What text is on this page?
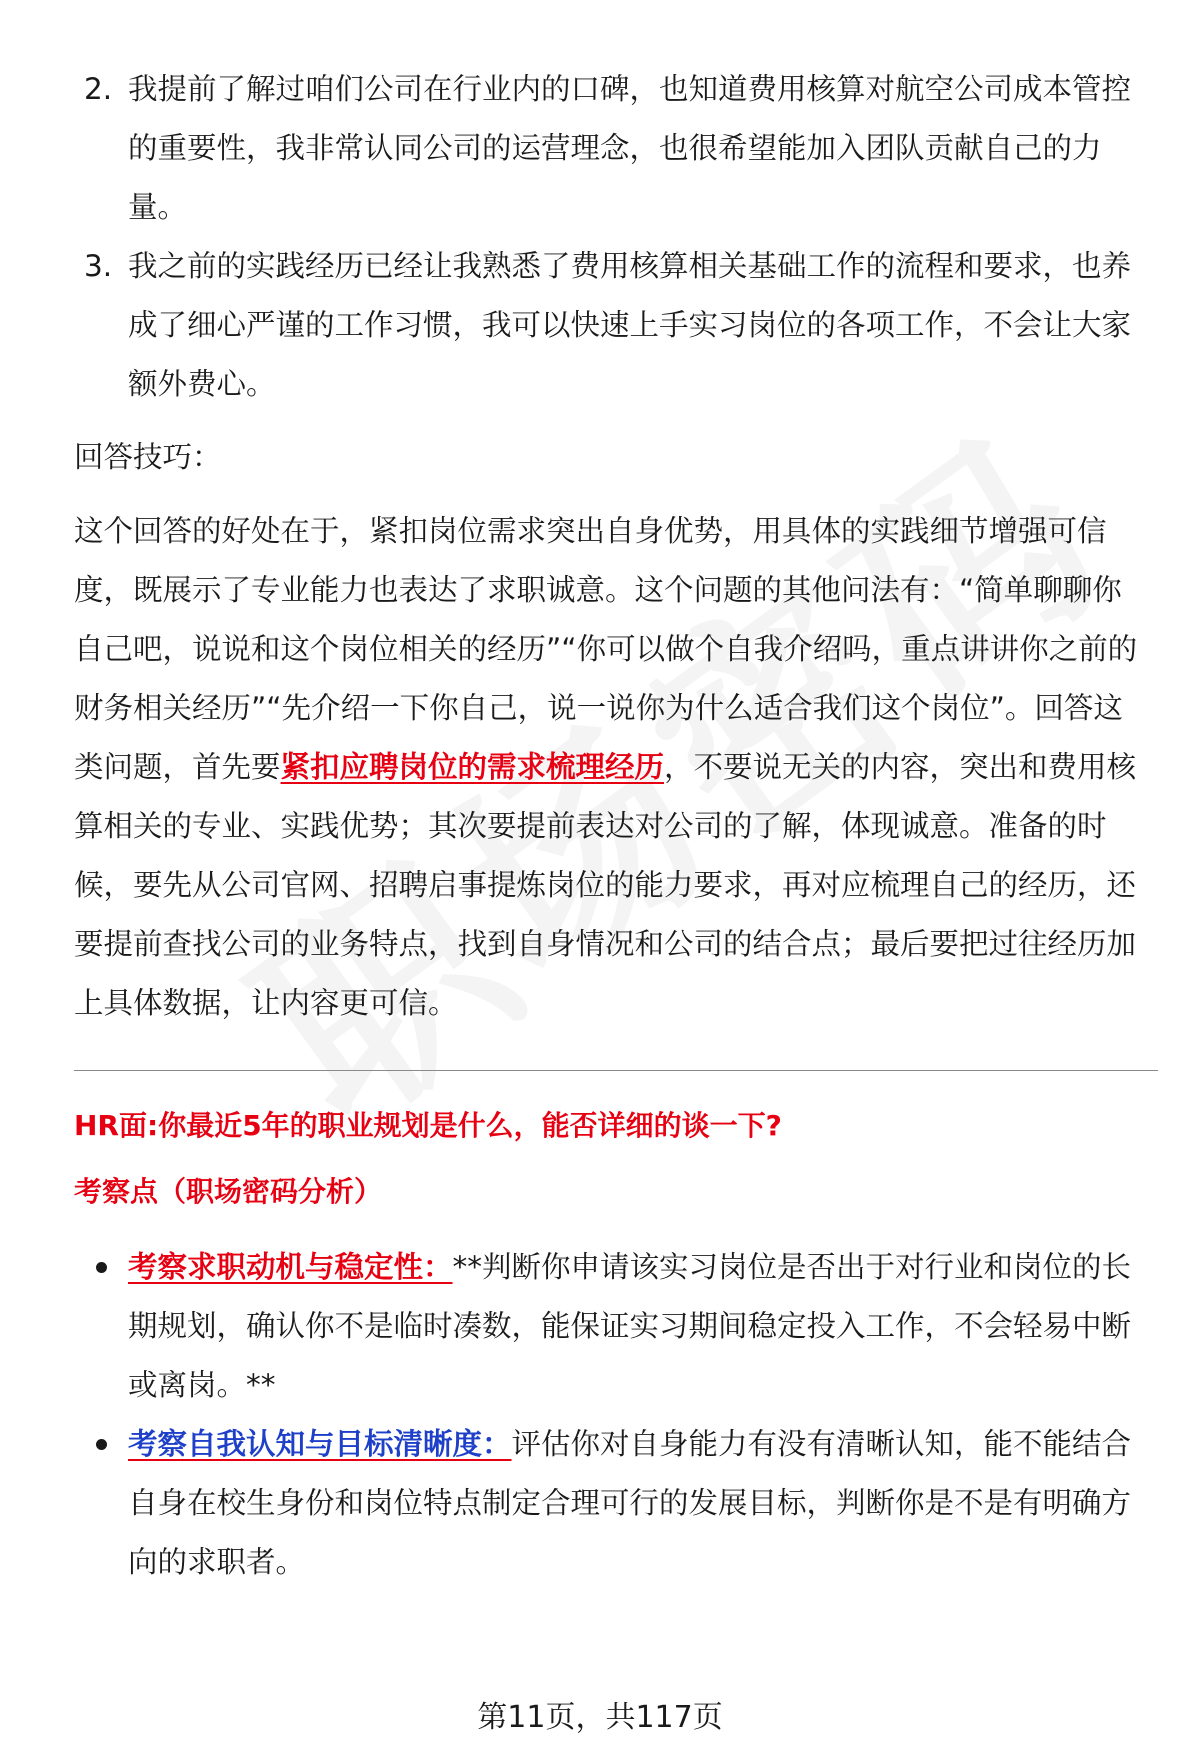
2. 我提前了解过咱们公司在行业内的口碑，也知道费用核算对航空公司成本管控的重要性，我非常认同公司的运营理念，也很希望能加入团队贡献自己的力量。
3. 我之前的实践经历已经让我熟悉了费用核算相关基础工作的流程和要求，也养成了细心严谨的工作习惯，我可以快速上手实习岗位的各项工作，不会让大家额外费心。

回答技巧：

这个回答的好处在于，紧扣岗位需求突出自身优势，用具体的实践细节增强可信度，既展示了专业能力也表达了求职诚意。这个问题的其他问法有：“简单聊聊你自己吧，说说和这个岗位相关的经历”“你可以做个自我介绍吗，重点讲讲你之前的财务相关经历”“先介绍一下你自己，说一说你为什么适合我们这个岗位”。回答这类问题，首先要紧扣应聘岗位的需求梳理经历，不要说无关的内容，突出和费用核算相关的专业、实践优势；其次要提前表达对公司的了解，体现诚意。准备的时候，要先从公司官网、招聘启事提炼岗位的能力要求，再对应梳理自己的经历，还要提前查找公司的业务特点，找到自身情况和公司的结合点；最后要把过往经历加上具体数据，让内容更可信。

HR面:你最近5年的职业规划是什么，能否详细的谈一下?

考察点（职场密码分析）

考察求职动机与稳定性：**判断你申请该实习岗位是否出于对行业和岗位的长期规划，确认你不是临时凑数，能保证实习期间稳定投入工作，不会轻易中断或离岗。**
考察自我认知与目标清晰度：评估你对自身能力有没有清晰认知，能不能结合自身在校生身份和岗位特点制定合理可行的发展目标，判断你是不是有明确方向的求职者。
第11页，共117页
